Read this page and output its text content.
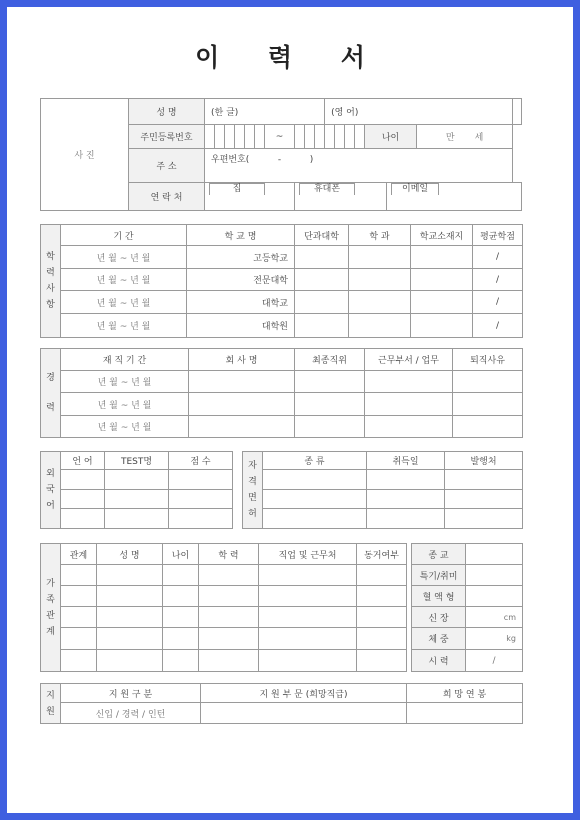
이 력 서
사 진	성 명	(한 글)										(영 어)							
	주민등록번호							~								나이		만 세	
	주 소	우편번호(          -          )																	
	연 락 처	집							휴대폰								이메일		
학 력 사 항	기 간	학 교 명	단과대학	학 과	학교소재지	평균학점
	년 월 ~ 년 월	고등학교				/
	년 월 ~ 년 월	전문대학				/
	년 월 ~ 년 월	대학교				/
	년 월 ~ 년 월	대학원				/
경 력	재 직 기 간	회 사 명	최종직위	근무부서 / 업무	퇴직사유
	년 월 ~ 년 월				
	년 월 ~ 년 월				
	년 월 ~ 년 월				
외 국 어	언 어	TEST명	점 수

			자 격 면 허	종 류	취득일	발행처

가 족 관 계	관계	성 명	나이	학 력	직업 및 근무처	동거여부

						종 교	
특기/취미	
혈 액 형	
신 장	cm
체 중	kg
시 력	/
지 원	지 원 구 분	지 원 부 문 (희망직급)	희 망 연 봉
	신입 / 경력 / 인턴		
